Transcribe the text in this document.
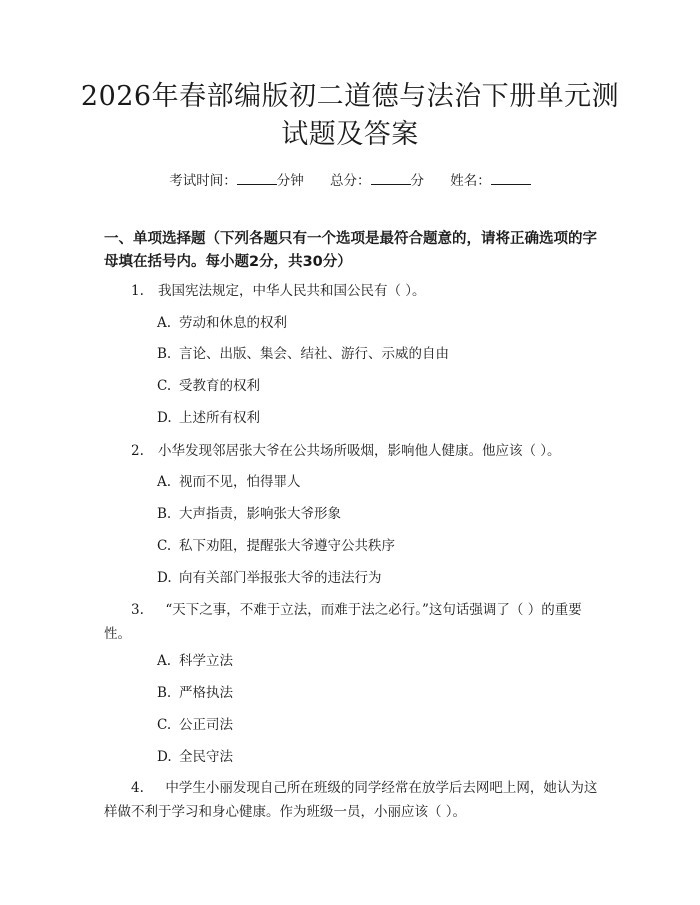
2026年春部编版初二道德与法治下册单元测
试题及答案
考试时间：	分钟 总分：	分 姓名：
一、单项选择题（下列各题只有一个选项是最符合题意的，请将正确选项的字母填在括号内。每小题2分，共30分）
1. 我国宪法规定，中华人民共和国公民有（ ）。
A. 劳动和休息的权利
B. 言论、出版、集会、结社、游行、示威的自由
C. 受教育的权利
D. 上述所有权利
2. 小华发现邻居张大爷在公共场所吸烟，影响他人健康。他应该（ ）。
A. 视而不见，怕得罪人
B. 大声指责，影响张大爷形象
C. 私下劝阻，提醒张大爷遵守公共秩序
D. 向有关部门举报张大爷的违法行为
3. “天下之事，不难于立法，而难于法之必行。”这句话强调了（ ）的重要性。
A. 科学立法
B. 严格执法
C. 公正司法
D. 全民守法
4. 中学生小丽发现自己所在班级的同学经常在放学后去网吧上网，她认为这样做不利于学习和身心健康。作为班级一员，小丽应该（ ）。
